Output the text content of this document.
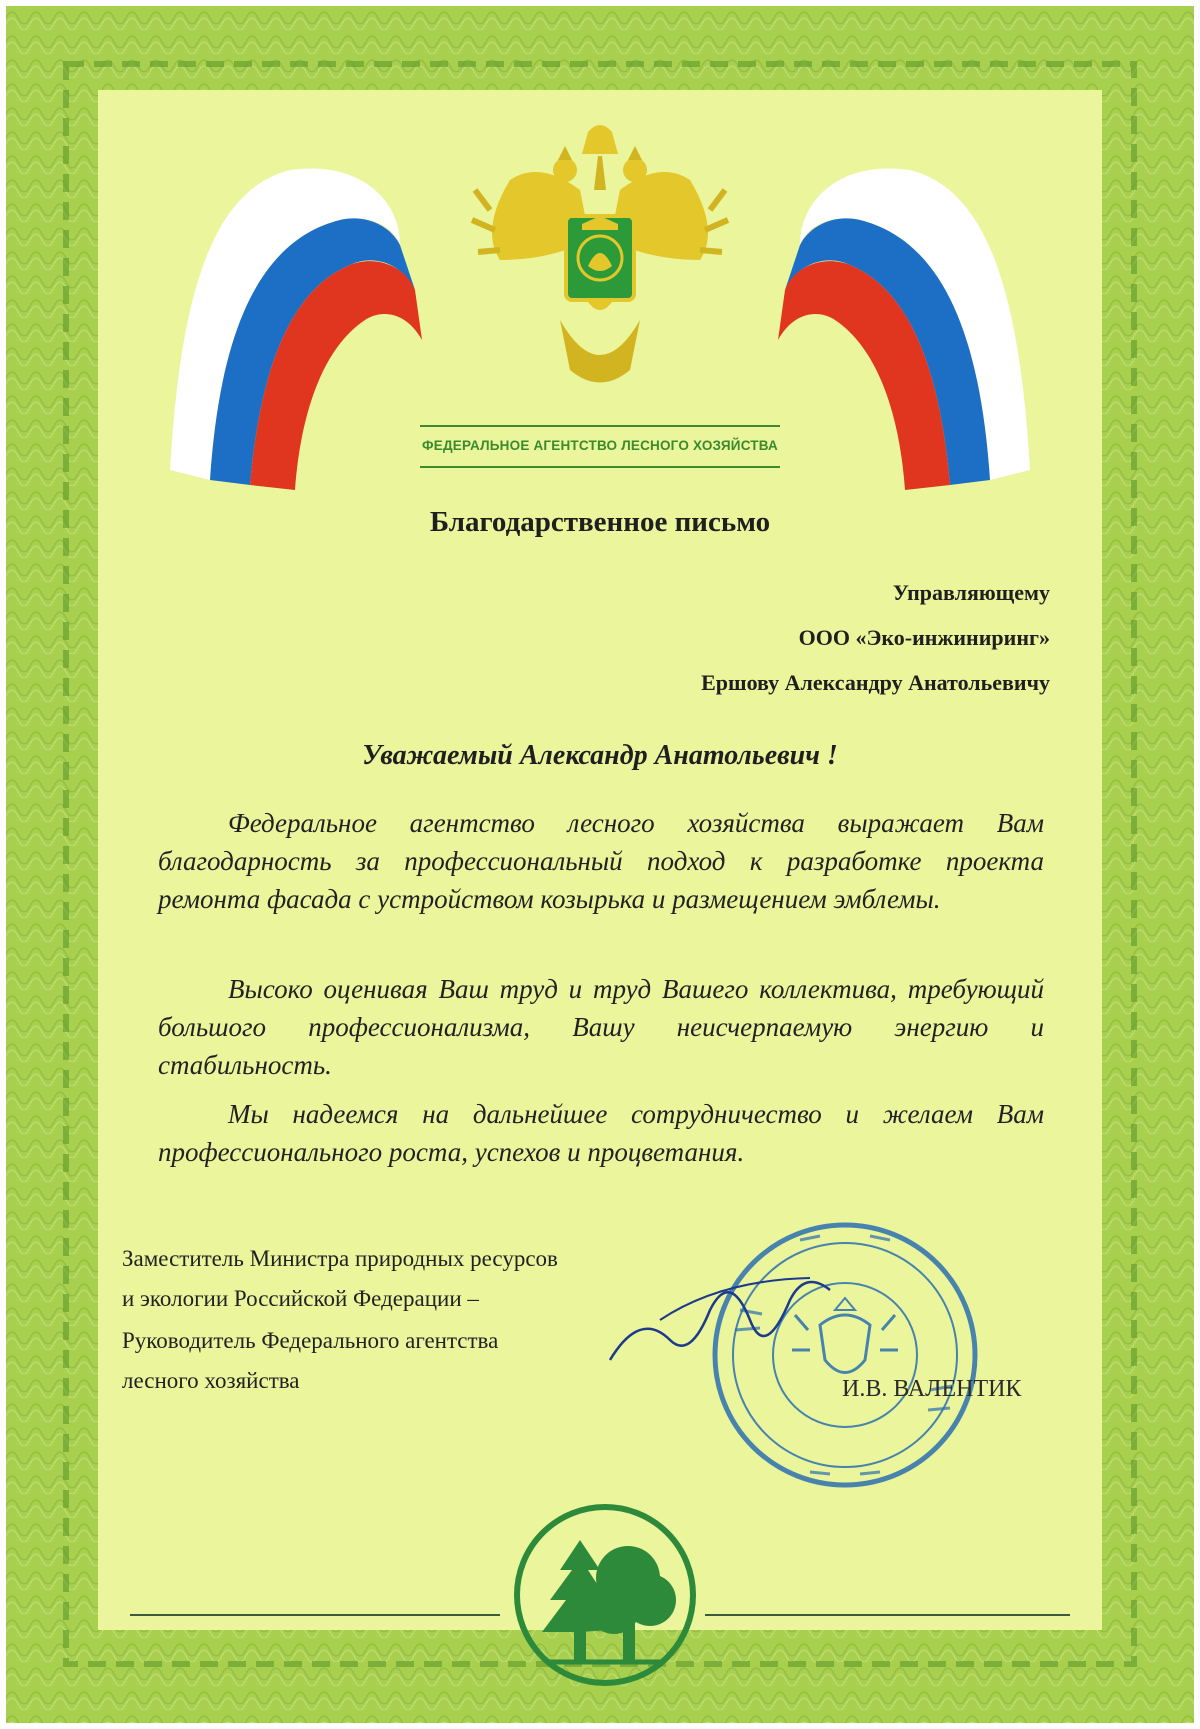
ФЕДЕРАЛЬНОЕ АГЕНТСТВО ЛЕСНОГО ХОЗЯЙСТВА
Благодарственное письмо
Управляющему
ООО «Эко-инжиниринг»
Ершову Александру Анатольевичу
Уважаемый Александр Анатольевич !
Федеральное агентство лесного хозяйства выражает Вам благодарность за профессиональный подход к разработке проекта ремонта фасада с устройством козырька и размещением эмблемы.
Высоко оценивая Ваш труд и труд Вашего коллектива, требующий большого профессионализма, Вашу неисчерпаемую энергию и стабильность.
Мы надеемся на дальнейшее сотрудничество и желаем Вам профессионального роста, успехов и процветания.
Заместитель Министра природных ресурсов
и экологии Российской Федерации –
Руководитель Федерального агентства
лесного хозяйства	И.В. ВАЛЕНТИК
